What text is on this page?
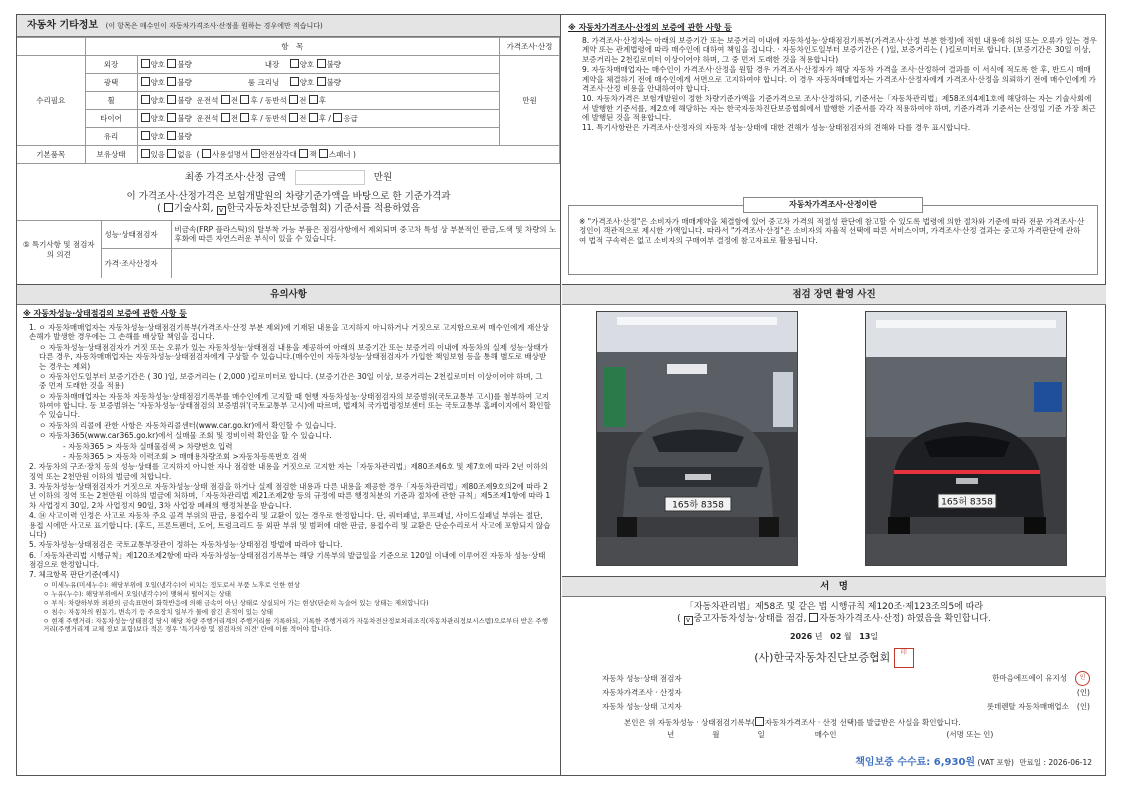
자동차 기타정보 (이 항목은 매수인이 자동차가격조사·산정을 원하는 경우에만 적습니다)
	항　목		가격조사·산정
수리필요	외장	양호 불량 내장 양호 불량	만원
	광택	양호 불량 룸 크리닝 양호 불량	
	휠	양호 불량 운전석 전 후 / 동반석 전 후	
	타이어	양호 불량 운전석 전 후 / 동반석 전 후 / 응급	
	유리	양호 불량	
기본품목	보유상태	있음 없음  ( 사용설명서 안전삼각대 잭 스패너 )	
최종 가격조사·산정 금액	만원
이 가격조사·산정가격은 보험개발원의 차량기준가액을 바탕으로 한 기준가격과
( 기술사회, v 한국자동차진단보증협회) 기준서를 적용하였음
⑤ 특기사항 및 점검자의 의견	성능·상태점검자	비금속(FRP 플라스틱)의 탈부착 가능 부품은 점검사항에서 제외되며 중고차 특성 상 부분적인 판금,도색 및 차량의 노후화에 따른 자연스러운 부식이 있을 수 있습니다.
	가격·조사산정자	
유의사항
※ 자동차성능·상태점검의 보증에 관한 사항 등
1. ㅇ 자동차매매업자는 자동차성능·상태점검기록부(가격조사·산정 부분 제외)에 기재된 내용을 고지하지 아니하거나 거짓으로 고지함으로써 매수인에게 재산상 손해가 발생한 경우에는 그 손해를 배상할 책임을 집니다.
ㅇ 자동차성능·상태점검자가 거짓 또는 오류가 있는 자동차성능·상태점검 내용을 제공하여 아래의 보증기간 또는 보증거리 이내에 자동차의 실제 성능·상태가 다른 경우, 자동차매매업자는 자동차성능·상태점검자에게 구상할 수 있습니다.(매수인이 자동차성능·상태점검자가 가입한 책임보험 등을 통해 별도로 배상받는 경우는 제외)
ㅇ 자동차인도일부터 보증기간은 ( 30 )일, 보증거리는 ( 2,000 )킬로미터로 합니다. (보증기간은 30일 이상, 보증거리는 2천킬로미터 이상이어야 하며, 그 중 먼저 도래한 것을 적용)
ㅇ 자동차매매업자는 자동차 자동차성능·상태점검기록부를 매수인에게 고지할 때 현행 자동차성능·상태점검자의 보증범위(국토교통부 고시)를 첨부하여 고지하여야 합니다. 동 보증범위는 '자동차성능·상태점검의 보증범위'(국토교통부 고시)에 따르며, 법제처 국가법령정보센터 또는 국토교통부 홈페이지에서 확인할 수 있습니다.
ㅇ 자동차의 리콜에 관한 사항은 자동차리콜센터(www.car.go.kr)에서 확인할 수 있습니다.
ㅇ 자동차365(www.car365.go.kr)에서 실매물 조회 및 정비이력 확인을 할 수 있습니다.
- 자동차365 > 자동차 실매물검색 > 차량번호 입력
- 자동차365 > 자동차 이력조회 > 매매용차량조회 >자동차등록번호 검색
2. 자동차의 구조·장치 등의 성능·상태를 고지하지 아니한 자나 점검한 내용을 거짓으로 고지한 자는「자동차관리법」제80조제6호 및 제7호에 따라 2년 이하의 징역 또는 2천만원 이하의 벌금에 처합니다.
3. 자동차성능·상태점검자가 거짓으로 자동차성능·상태 점검을 하거나 실제 점검한 내용과 다른 내용을 제공한 경우「자동차관리법」제80조제9호의2에 따라 2년 이하의 징역 또는 2천만원 이하의 벌금에 처하며,「자동차관리법 제21조제2항 등의 규정에 따른 행정처분의 기준과 절차에 관한 규칙」제5조제1항에 따라 1차 사업정지 30일, 2차 사업정지 90일, 3차 사업장 폐쇄의 행정처분을 받습니다.
4. ⑭ 사고이력 인정은 사고로 자동차 주요 골격 부위의 판금, 용접수리 및 교환이 있는 경우로 한정합니다. 단, 쿼터패널, 루프패널, 사이드실패널 부위는 절단, 용접 시에만 사고로 표기합니다. (후드, 프론트펜더, 도어, 트렁크리드 등 외판 부위 및 범퍼에 대한 판금, 용접수리 및 교환은 단순수리로서 사고에 포함되지 않습니다)
5. 자동차성능·상태점검은 국토교통부장관이 정하는 자동차성능·상태점검 방법에 따라야 합니다.
6.「자동차관리법 시행규칙」제120조제2항에 따라 자동차성능·상태점검기록부는 해당 기록부의 발급일을 기준으로 120일 이내에 이루어진 자동차 성능·상태점검으로 한정합니다.
7. 체크항목 판단기준(예시)
ㅇ 미세누유(미세누수): 해당부위에 오일(냉각수)이 비치는 정도로서 부품 노후로 인한 현상
ㅇ 누유(누수): 해당부위에서 오일(냉각수)이 맺혀서 떨어지는 상태
ㅇ 부식: 차량하부와 외판의 금속표면이 화학반응에 의해 금속이 아닌 상태로 상실되어 가는 현상(단순히 녹슬어 있는 상태는 제외합니다)
ㅇ 침수: 자동차의 원동기, 변속기 등 주요장치 일부가 물에 잠긴 흔적이 있는 상태
ㅇ 현재 주행거리: 자동차성능·상태점검 당시 해당 차량 주행거리계의 주행거리를 기록하되, 기록한 주행거리가 자동차전산정보처리조직(자동차관리정보시스템)으로부터 받은 주행거리(주행거리계 교체 정보 포함)보다 적은 경우 '특기사항 및 점검자의 의견' 란에 이를 적어야 합니다.
※ 자동차가격조사·산정의 보증에 관한 사항 등
8. 가격조사·산정자는 아래의 보증기간 또는 보증거리 이내에 자동차성능·상태점검기록부(가격조사·산정 부분 한정)에 적힌 내용에 허위 또는 오류가 있는 경우 계약 또는 관계법령에 따라 매수인에 대하여 책임을 집니다. · 자동차인도일부터 보증기간은 ( )일, 보증거리는 ( )킬로미터로 합니다. (보증기간은 30일 이상, 보증거리는 2천킬로미터 이상이어야 하며, 그 중 먼저 도래한 것을 적용합니다)
9. 자동차매매업자는 매수인이 가격조사·산정을 원할 경우 가격조사·산정자가 해당 자동차 가격을 조사·산정하여 결과를 이 서식에 적도록 한 후, 반드시 매매계약을 체결하기 전에 매수인에게 서면으로 고지하여야 합니다. 이 경우 자동차매매업자는 가격조사·산정자에게 가격조사·산정을 의뢰하기 전에 매수인에게 가격조사·산정 비용을 안내하여야 합니다.
10. 자동차가격은 보험개발원이 정한 차량기준가액을 기준가격으로 조사·산정하되, 기준서는「자동차관리법」제58조의4제1호에 해당하는 자는 기술사회에서 발행한 기준서를, 제2호에 해당하는 자는 한국자동차진단보증협회에서 발행한 기준서를 각각 적용하여야 하며, 기준가격과 기준서는 산정일 기준 가장 최근에 발행된 것을 적용합니다.
11. 특기사항란은 가격조사·산정자의 자동차 성능·상태에 대한 견해가 성능·상태점검자의 견해와 다를 경우 표시합니다.
자동차가격조사·산정이란
※ "가격조사·산정"은 소비자가 매매계약을 체결함에 있어 중고차 가격의 적절성 판단에 참고할 수 있도록 법령에 의한 절차와 기준에 따라 전문 가격조사·산정인이 객관적으로 제시한 가액입니다. 따라서 "가격조사·산정"은 소비자의 자율적 선택에 따른 서비스이며, 가격조사·산정 결과는 중고차 가격판단에 관하여 법적 구속력은 없고 소비자의 구매여부 결정에 참고자료로 활용됩니다.
점검 장면 촬영 사진
165하 8358	165허 8358
서　명
「자동차관리법」제58조 및 같은 법 시행규칙 제120조·제123조의5에 따라
( v중고자동차성능·상태를 점검, 자동차가격조사·산정) 하였음을 확인합니다.
2026 년 02 월 13일
(사)한국자동차진단보증협회 印
자동차 성능·상태 점검자	한마음에프에이 유지성 인
자동차가격조사 · 산정자	(인)
자동차 성능·상태 고지자	롯데렌탈 자동차매매업소 (인)
본인은 위 자동차성능 · 상태점검기록부( 자동차가격조사 · 산정 선택)를 발급받은 사실을 확인합니다.
년	월	일	매수인	(서명 또는 인)
책임보증 수수료: 6,930원 (VAT 포함) 만료일 : 2026-06-12
